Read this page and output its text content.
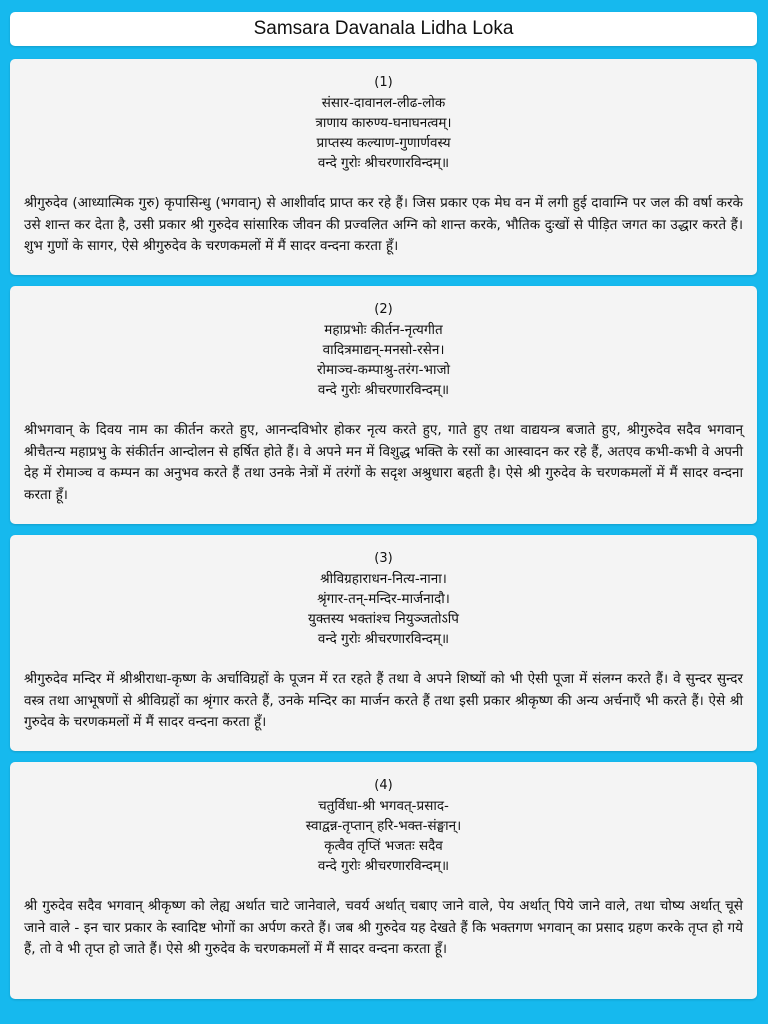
Samsara Davanala Lidha Loka
(1)
संसार-दावानल-लीढ-लोक
त्राणाय कारुण्य-घनाघनत्वम्।
प्राप्तस्य कल्याण-गुणार्णवस्य
वन्दे गुरोः श्रीचरणारविन्दम्॥
श्रीगुरुदेव (आध्यात्मिक गुरु) कृपासिन्धु (भगवान्) से आशीर्वाद प्राप्त कर रहे हैं। जिस प्रकार एक मेघ वन में लगी हुई दावाग्नि पर जल की वर्षा करके उसे शान्त कर देता है, उसी प्रकार श्री गुरुदेव सांसारिक जीवन की प्रज्वलित अग्नि को शान्त करके, भौतिक दुःखों से पीड़ित जगत का उद्धार करते हैं। शुभ गुणों के सागर, ऐसे श्रीगुरुदेव के चरणकमलों में मैं सादर वन्दना करता हूँ।
(2)
महाप्रभोः कीर्तन-नृत्यगीत
वादित्रमाद्यन्-मनसो-रसेन।
रोमाञ्च-कम्पाश्रु-तरंग-भाजो
वन्दे गुरोः श्रीचरणारविन्दम्॥
श्रीभगवान् के दिवय नाम का कीर्तन करते हुए, आनन्दविभोर होकर नृत्य करते हुए, गाते हुए तथा वाद्ययन्त्र बजाते हुए, श्रीगुरुदेव सदैव भगवान् श्रीचैतन्य महाप्रभु के संकीर्तन आन्दोलन से हर्षित होते हैं। वे अपने मन में विशुद्ध भक्ति के रसों का आस्वादन कर रहे हैं, अतएव कभी-कभी वे अपनी देह में रोमाञ्च व कम्पन का अनुभव करते हैं तथा उनके नेत्रों में तरंगों के सदृश अश्रुधारा बहती है। ऐसे श्री गुरुदेव के चरणकमलों में मैं सादर वन्दना करता हूँ।
(3)
श्रीविग्रहाराधन-नित्य-नाना।
श्रृंगार-तन्-मन्दिर-मार्जनादौ।
युक्तस्य भक्तांश्च नियुञ्जतोऽपि
वन्दे गुरोः श्रीचरणारविन्दम्॥
श्रीगुरुदेव मन्दिर में श्रीश्रीराधा-कृष्ण के अर्चाविग्रहों के पूजन में रत रहते हैं तथा वे अपने शिष्यों को भी ऐसी पूजा में संलग्न करते हैं। वे सुन्दर सुन्दर वस्त्र तथा आभूषणों से श्रीविग्रहों का श्रृंगार करते हैं, उनके मन्दिर का मार्जन करते हैं तथा इसी प्रकार श्रीकृष्ण की अन्य अर्चनाएँ भी करते हैं। ऐसे श्री गुरुदेव के चरणकमलों में मैं सादर वन्दना करता हूँ।
(4)
चतुर्विधा-श्री भगवत्-प्रसाद-
स्वाद्वन्न-तृप्तान् हरि-भक्त-संङ्घान्।
कृत्वैव तृप्तिं भजतः सदैव
वन्दे गुरोः श्रीचरणारविन्दम्॥
श्री गुरुदेव सदैव भगवान् श्रीकृष्ण को लेह्य अर्थात चाटे जानेवाले, चवर्य अर्थात् चबाए जाने वाले, पेय अर्थात् पिये जाने वाले, तथा चोष्य अर्थात् चूसे जाने वाले - इन चार प्रकार के स्वादिष्ट भोगों का अर्पण करते हैं। जब श्री गुरुदेव यह देखते हैं कि भक्तगण भगवान् का प्रसाद ग्रहण करके तृप्त हो गये हैं, तो वे भी तृप्त हो जाते हैं। ऐसे श्री गुरुदेव के चरणकमलों में मैं सादर वन्दना करता हूँ।
